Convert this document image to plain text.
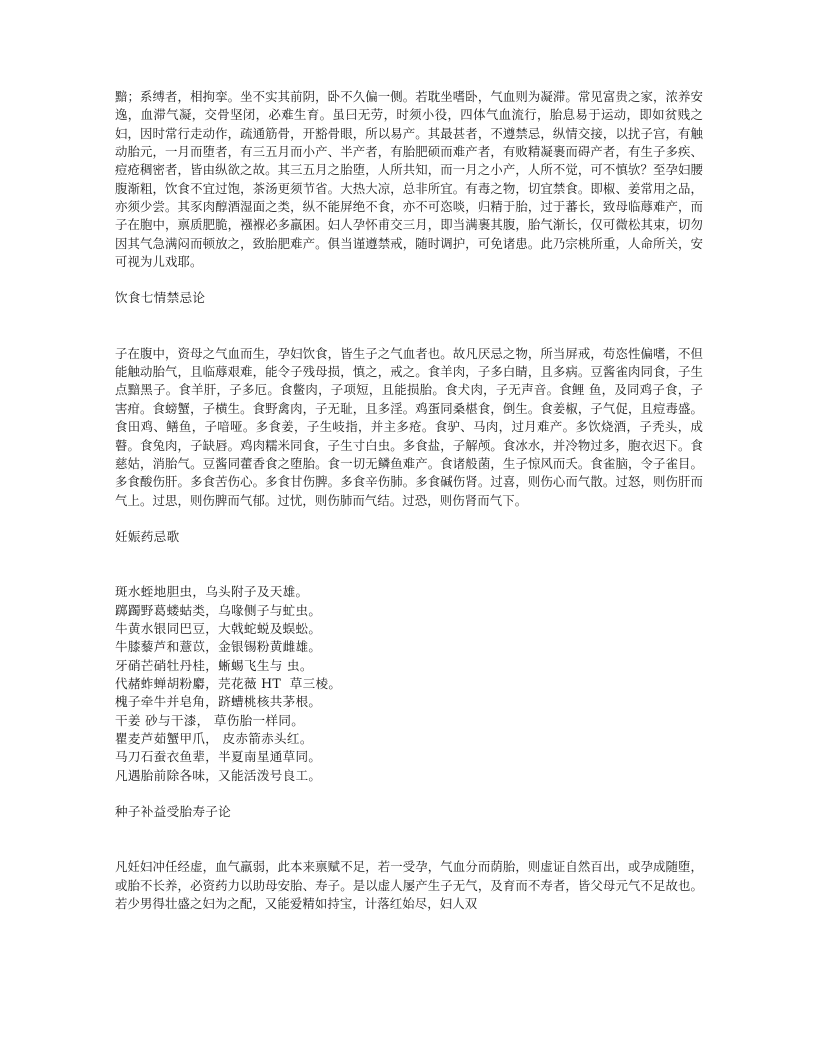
黯；系缚者，相拘挛。坐不实其前阴，卧不久偏一侧。若耽坐嗜卧，气血则为凝滞。常见富贵之家，浓养安逸，血滞气凝，交骨坚闭，必难生育。虽曰无劳，时须小役，四体气血流行，胎息易于运动，即如贫贱之妇，因时常行走动作，疏通筋骨，开豁骨眼，所以易产。其最甚者，不遵禁忌，纵情交接，以扰子宫，有触动胎元，一月而堕者，有三五月而小产、半产者，有胎肥硕而难产者，有败精凝裹而碍产者，有生子多疾、痘疮稠密者，皆由纵欲之故。其三五月之胎堕，人所共知，而一月之小产，人所不觉，可不慎欤？至孕妇腰腹渐粗，饮食不宜过饱，茶汤更须节省。大热大凉，总非所宜。有毒之物，切宜禁食。即椒、姜常用之品，亦须少尝。其豕肉醇酒湿面之类，纵不能屏绝不食，亦不可恣啖，归精于胎，过于蕃长，致母临蓐难产，而子在胞中，禀质肥脆，襁褓必多羸困。妇人孕怀甫交三月，即当满裹其腹，胎气渐长，仅可微松其束，切勿因其气急满闷而顿放之，致胎肥难产。俱当谨遵禁戒，随时调护，可免诸患。此乃宗桃所重，人命所关，安可视为儿戏耶。

饮食七情禁忌论

子在腹中，资母之气血而生，孕妇饮食，皆生子之气血者也。故凡厌忌之物，所当屏戒，苟恣性偏嗜，不但能触动胎气，且临蓐艰难，能令子残母损，慎之，戒之。食羊肉，子多白睛，且多病。豆酱雀肉同食，子生点黯黑子。食羊肝，子多厄。食鳖肉，子项短，且能损胎。食犬肉，子无声音。食鲤 鱼，及同鸡子食，子害疳。食螃蟹，子横生。食野禽肉，子无耻，且多淫。鸡蛋同桑椹食，倒生。食姜椒，子气促，且痘毒盛。食田鸡、鳝鱼，子喑哑。多食姜，子生岐指，并主多疮。食驴、马肉，过月难产。多饮烧酒，子秃头，成瞽。食兔肉，子缺唇。鸡肉糯米同食，子生寸白虫。多食盐，子解颅。食冰水，并冷物过多，胞衣迟下。食慈姑，消胎气。豆酱同藿香食之堕胎。食一切无鳞鱼难产。食诸般菌，生子惊风而夭。食雀脑，令子雀目。多食酸伤肝。多食苦伤心。多食甘伤脾。多食辛伤肺。多食碱伤肾。过喜，则伤心而气散。过怒，则伤肝而气上。过思，则伤脾而气郁。过忧，则伤肺而气结。过恐，则伤肾而气下。

妊娠药忌歌
斑水蛭地胆虫，乌头附子及天雄。
踯躅野葛蝼蛄类，乌喙侧子与虻虫。
牛黄水银同巴豆，大戟蛇蜕及蜈蚣。
牛膝藜芦和薏苡，金银锡粉黄雌雄。
牙硝芒硝牡丹桂，蜥蜴飞生与 虫。
代赭蚱蝉胡粉麝，芫花薇 HT  草三棱。
槐子牵牛并皂角，跻螬桃核共茅根。
干姜 砂与干漆， 草伤胎一样同。
瞿麦芦茹蟹甲爪， 皮赤箭赤头红。
马刀石蚕衣鱼辈，半夏南星通草同。
凡遇胎前除各味，又能活泼号良工。
种子补益受胎寿子论

凡妊妇冲任经虚，血气羸弱，此本来禀赋不足，若一受孕，气血分而荫胎，则虚证自然百出，或孕成随堕，或胎不长养，必资药力以助母安胎、寿子。是以虚人屡产生子无气，及育而不寿者，皆父母元气不足故也。若少男得壮盛之妇为之配，又能爱精如持宝，计落红始尽，妇人双
